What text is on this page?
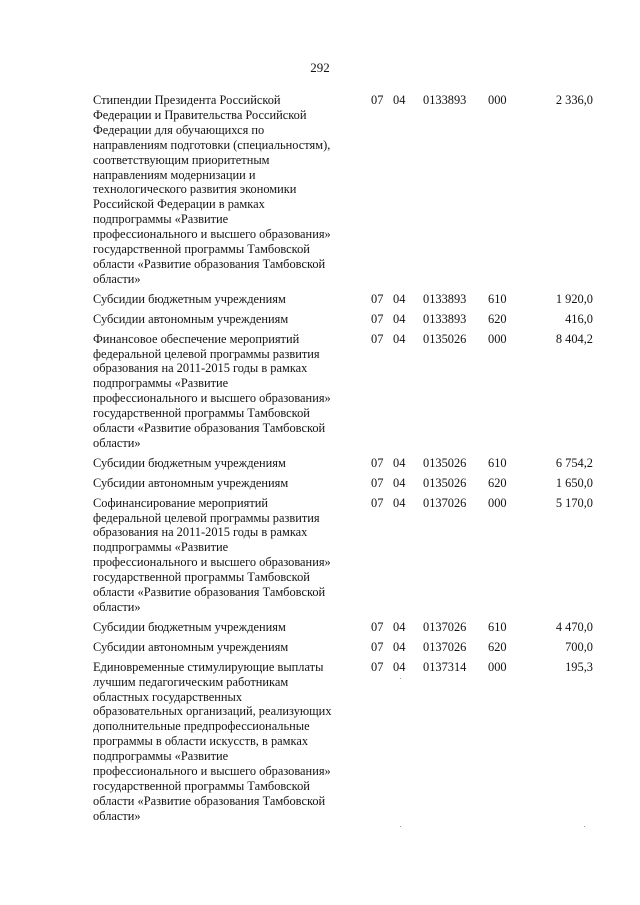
292
Стипендии Президента Российской
Федерации и Правительства Российской
Федерации для обучающихся по
направлениям подготовки (специальностям),
соответствующим приоритетным
направлениям модернизации и
технологического развития экономики
Российской Федерации в рамках
подпрограммы «Развитие
профессионального и высшего образования»
государственной программы Тамбовской
области «Развитие образования Тамбовской
области»
07 04 0133893 000	2 336,0
Субсидии бюджетным учреждениям	07 04 0133893 610	1 920,0
Субсидии автономным учреждениям	07 04 0133893 620	416,0
Финансовое обеспечение мероприятий
федеральной целевой программы развития
образования на 2011-2015 годы в рамках
подпрограммы «Развитие
профессионального и высшего образования»
государственной программы Тамбовской
области «Развитие образования Тамбовской
области»
07 04 0135026 000	8 404,2
Субсидии бюджетным учреждениям	07 04 0135026 610	6 754,2
Субсидии автономным учреждениям	07 04 0135026 620	1 650,0
Софинансирование мероприятий
федеральной целевой программы развития
образования на 2011-2015 годы в рамках
подпрограммы «Развитие
профессионального и высшего образования»
государственной программы Тамбовской
области «Развитие образования Тамбовской
области»
07 04 0137026 000	5 170,0
Субсидии бюджетным учреждениям	07 04 0137026 610	4 470,0
Субсидии автономным учреждениям	07 04 0137026 620	700,0
Единовременные стимулирующие выплаты
лучшим педагогическим работникам
областных государственных
образовательных организаций, реализующих
дополнительные предпрофессиональные
программы в области искусств, в рамках
подпрограммы «Развитие
профессионального и высшего образования»
государственной программы Тамбовской
области «Развитие образования Тамбовской
области»
07 04 0137314 000	195,3
